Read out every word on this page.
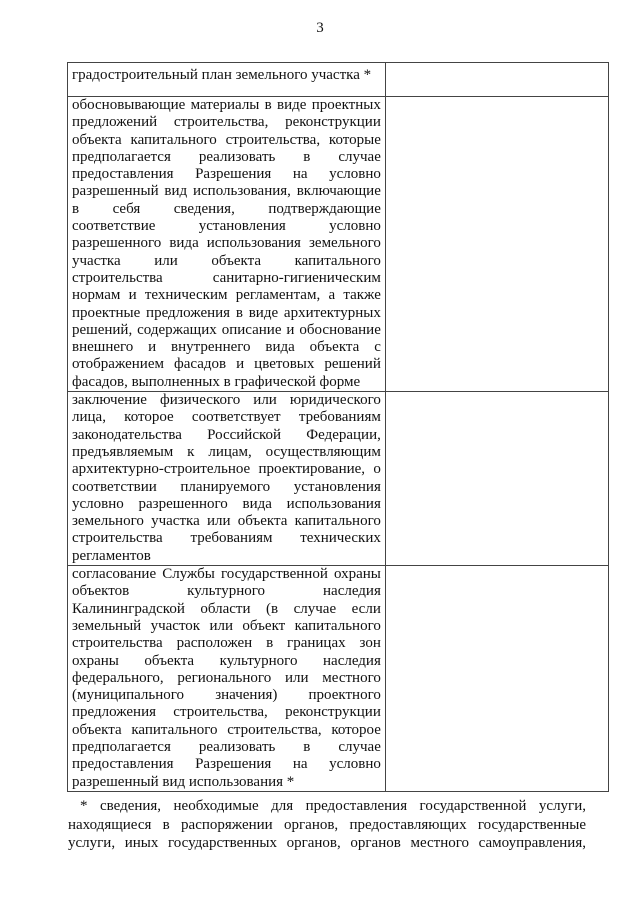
3
градостроительный план земельного участка *

обосновывающие материалы в виде проектных
предложений строительства, реконструкции
объекта капитального строительства, которые
предполагается реализовать в случае
предоставления Разрешения на условно
разрешенный вид использования, включающие
в себя сведения, подтверждающие
соответствие установления условно
разрешенного вида использования земельного
участка или объекта капитального
строительства санитарно-гигиеническим
нормам и техническим регламентам, а также
проектные предложения в виде архитектурных
решений, содержащих описание и обоснование
внешнего и внутреннего вида объекта с
отображением фасадов и цветовых решений
фасадов, выполненных в графической форме

заключение физического или юридического
лица, которое соответствует требованиям
законодательства Российской Федерации,
предъявляемым к лицам, осуществляющим
архитектурно-строительное проектирование, о
соответствии планируемого установления
условно разрешенного вида использования
земельного участка или объекта капитального
строительства требованиям технических
регламентов

согласование Службы государственной охраны
объектов культурного наследия
Калининградской области (в случае если
земельный участок или объект капитального
строительства расположен в границах зон
охраны объекта культурного наследия
федерального, регионального или местного
(муниципального значения) проектного
предложения строительства, реконструкции
объекта капитального строительства, которое
предполагается реализовать в случае
предоставления Разрешения на условно
разрешенный вид использования *

* сведения, необходимые для предоставления государственной услуги,
находящиеся в распоряжении органов, предоставляющих государственные
услуги, иных государственных органов, органов местного самоуправления,
